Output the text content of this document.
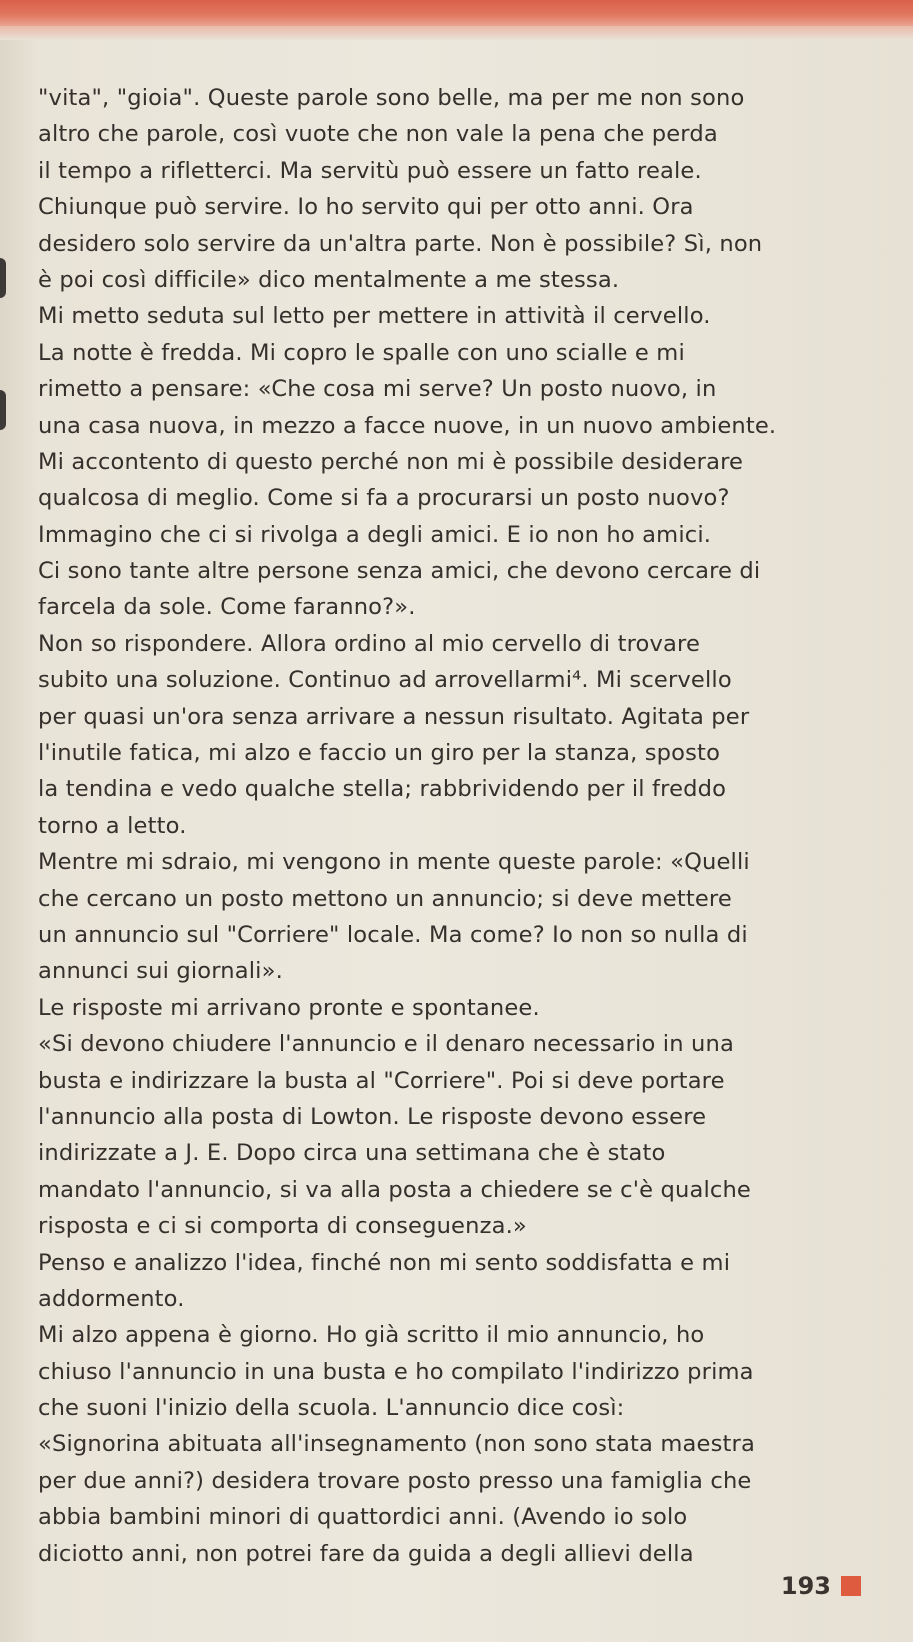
"vita", "gioia". Queste parole sono belle, ma per me non sono
altro che parole, così vuote che non vale la pena che perda
il tempo a rifletterci. Ma servitù può essere un fatto reale.
Chiunque può servire. Io ho servito qui per otto anni. Ora
desidero solo servire da un'altra parte. Non è possibile? Sì, non
è poi così difficile» dico mentalmente a me stessa.
Mi metto seduta sul letto per mettere in attività il cervello.
La notte è fredda. Mi copro le spalle con uno scialle e mi
rimetto a pensare: «Che cosa mi serve? Un posto nuovo, in
una casa nuova, in mezzo a facce nuove, in un nuovo ambiente.
Mi accontento di questo perché non mi è possibile desiderare
qualcosa di meglio. Come si fa a procurarsi un posto nuovo?
Immagino che ci si rivolga a degli amici. E io non ho amici.
Ci sono tante altre persone senza amici, che devono cercare di
farcela da sole. Come faranno?».
Non so rispondere. Allora ordino al mio cervello di trovare
subito una soluzione. Continuo ad arrovellarmi⁴. Mi scervello
per quasi un'ora senza arrivare a nessun risultato. Agitata per
l'inutile fatica, mi alzo e faccio un giro per la stanza, sposto
la tendina e vedo qualche stella; rabbrividendo per il freddo
torno a letto.
Mentre mi sdraio, mi vengono in mente queste parole: «Quelli
che cercano un posto mettono un annuncio; si deve mettere
un annuncio sul "Corriere" locale. Ma come? Io non so nulla di
annunci sui giornali».
Le risposte mi arrivano pronte e spontanee.
«Si devono chiudere l'annuncio e il denaro necessario in una
busta e indirizzare la busta al "Corriere". Poi si deve portare
l'annuncio alla posta di Lowton. Le risposte devono essere
indirizzate a J. E. Dopo circa una settimana che è stato
mandato l'annuncio, si va alla posta a chiedere se c'è qualche
risposta e ci si comporta di conseguenza.»
Penso e analizzo l'idea, finché non mi sento soddisfatta e mi
addormento.
Mi alzo appena è giorno. Ho già scritto il mio annuncio, ho
chiuso l'annuncio in una busta e ho compilato l'indirizzo prima
che suoni l'inizio della scuola. L'annuncio dice così:
«Signorina abituata all'insegnamento (non sono stata maestra
per due anni?) desidera trovare posto presso una famiglia che
abbia bambini minori di quattordici anni. (Avendo io solo
diciotto anni, non potrei fare da guida a degli allievi della
193
